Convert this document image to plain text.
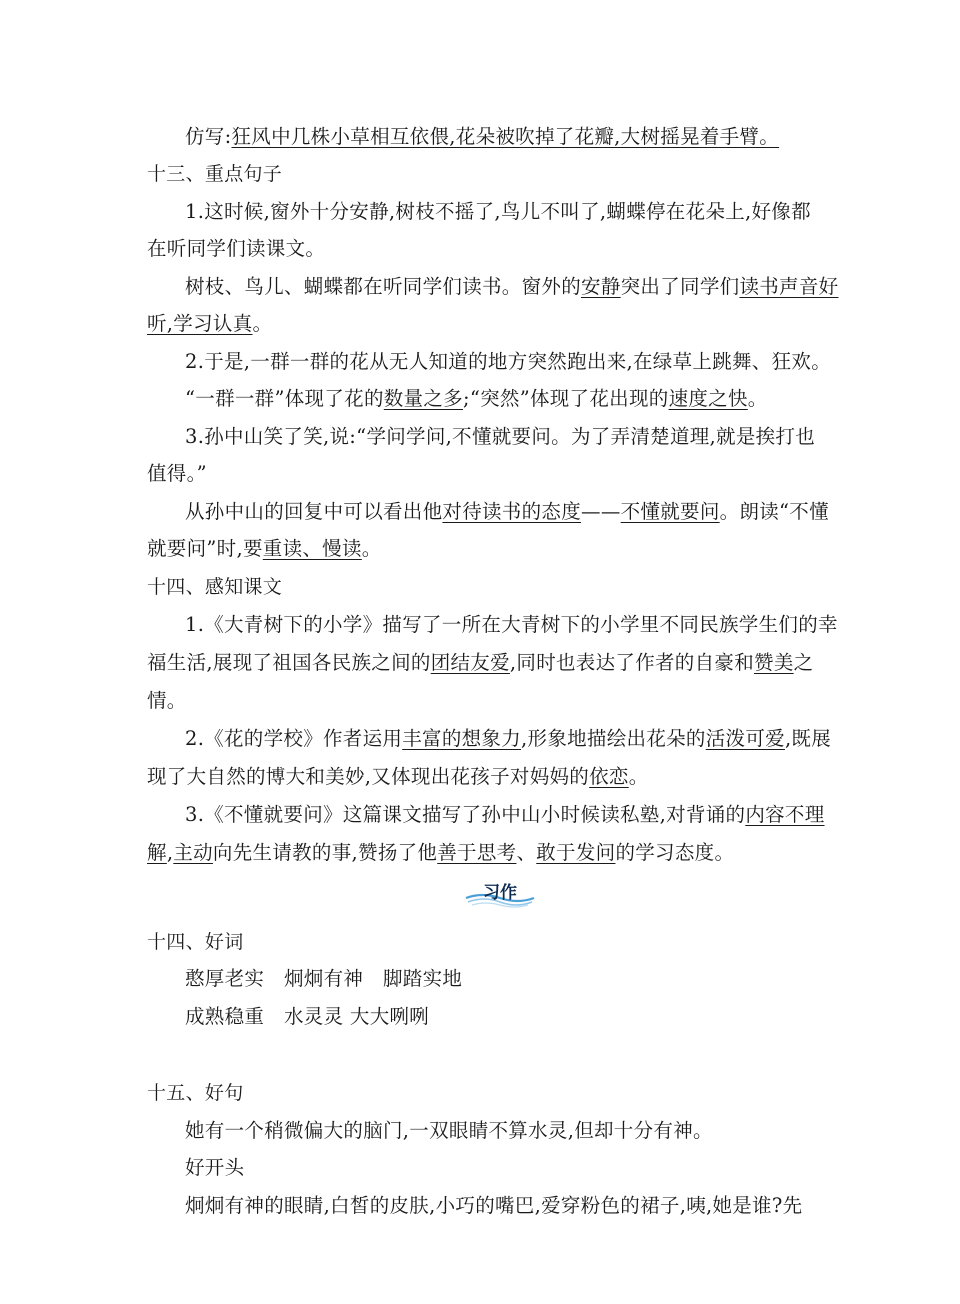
仿写:狂风中几株小草相互依偎,花朵被吹掉了花瓣,大树摇晃着手臂。
十三、重点句子
1.这时候,窗外十分安静,树枝不摇了,鸟儿不叫了,蝴蝶停在花朵上,好像都
在听同学们读课文。
树枝、鸟儿、蝴蝶都在听同学们读书。窗外的安静突出了同学们读书声音好
听,学习认真。
2.于是,一群一群的花从无人知道的地方突然跑出来,在绿草上跳舞、狂欢。
“一群一群”体现了花的数量之多;“突然”体现了花出现的速度之快。
3.孙中山笑了笑,说:“学问学问,不懂就要问。为了弄清楚道理,就是挨打也
值得。”
从孙中山的回复中可以看出他对待读书的态度——不懂就要问。朗读“不懂
就要问”时,要重读、慢读。
十四、感知课文
1.《大青树下的小学》描写了一所在大青树下的小学里不同民族学生们的幸
福生活,展现了祖国各民族之间的团结友爱,同时也表达了作者的自豪和赞美之
情。
2.《花的学校》作者运用丰富的想象力,形象地描绘出花朵的活泼可爱,既展
现了大自然的博大和美妙,又体现出花孩子对妈妈的依恋。
3.《不懂就要问》这篇课文描写了孙中山小时候读私塾,对背诵的内容不理
解,主动向先生请教的事,赞扬了他善于思考、敢于发问的学习态度。
习作
十四、好词
憨厚老实　炯炯有神　脚踏实地
成熟稳重　水灵灵 大大咧咧
十五、好句
她有一个稍微偏大的脑门,一双眼睛不算水灵,但却十分有神。
好开头
炯炯有神的眼睛,白皙的皮肤,小巧的嘴巴,爱穿粉色的裙子,咦,她是谁?先
